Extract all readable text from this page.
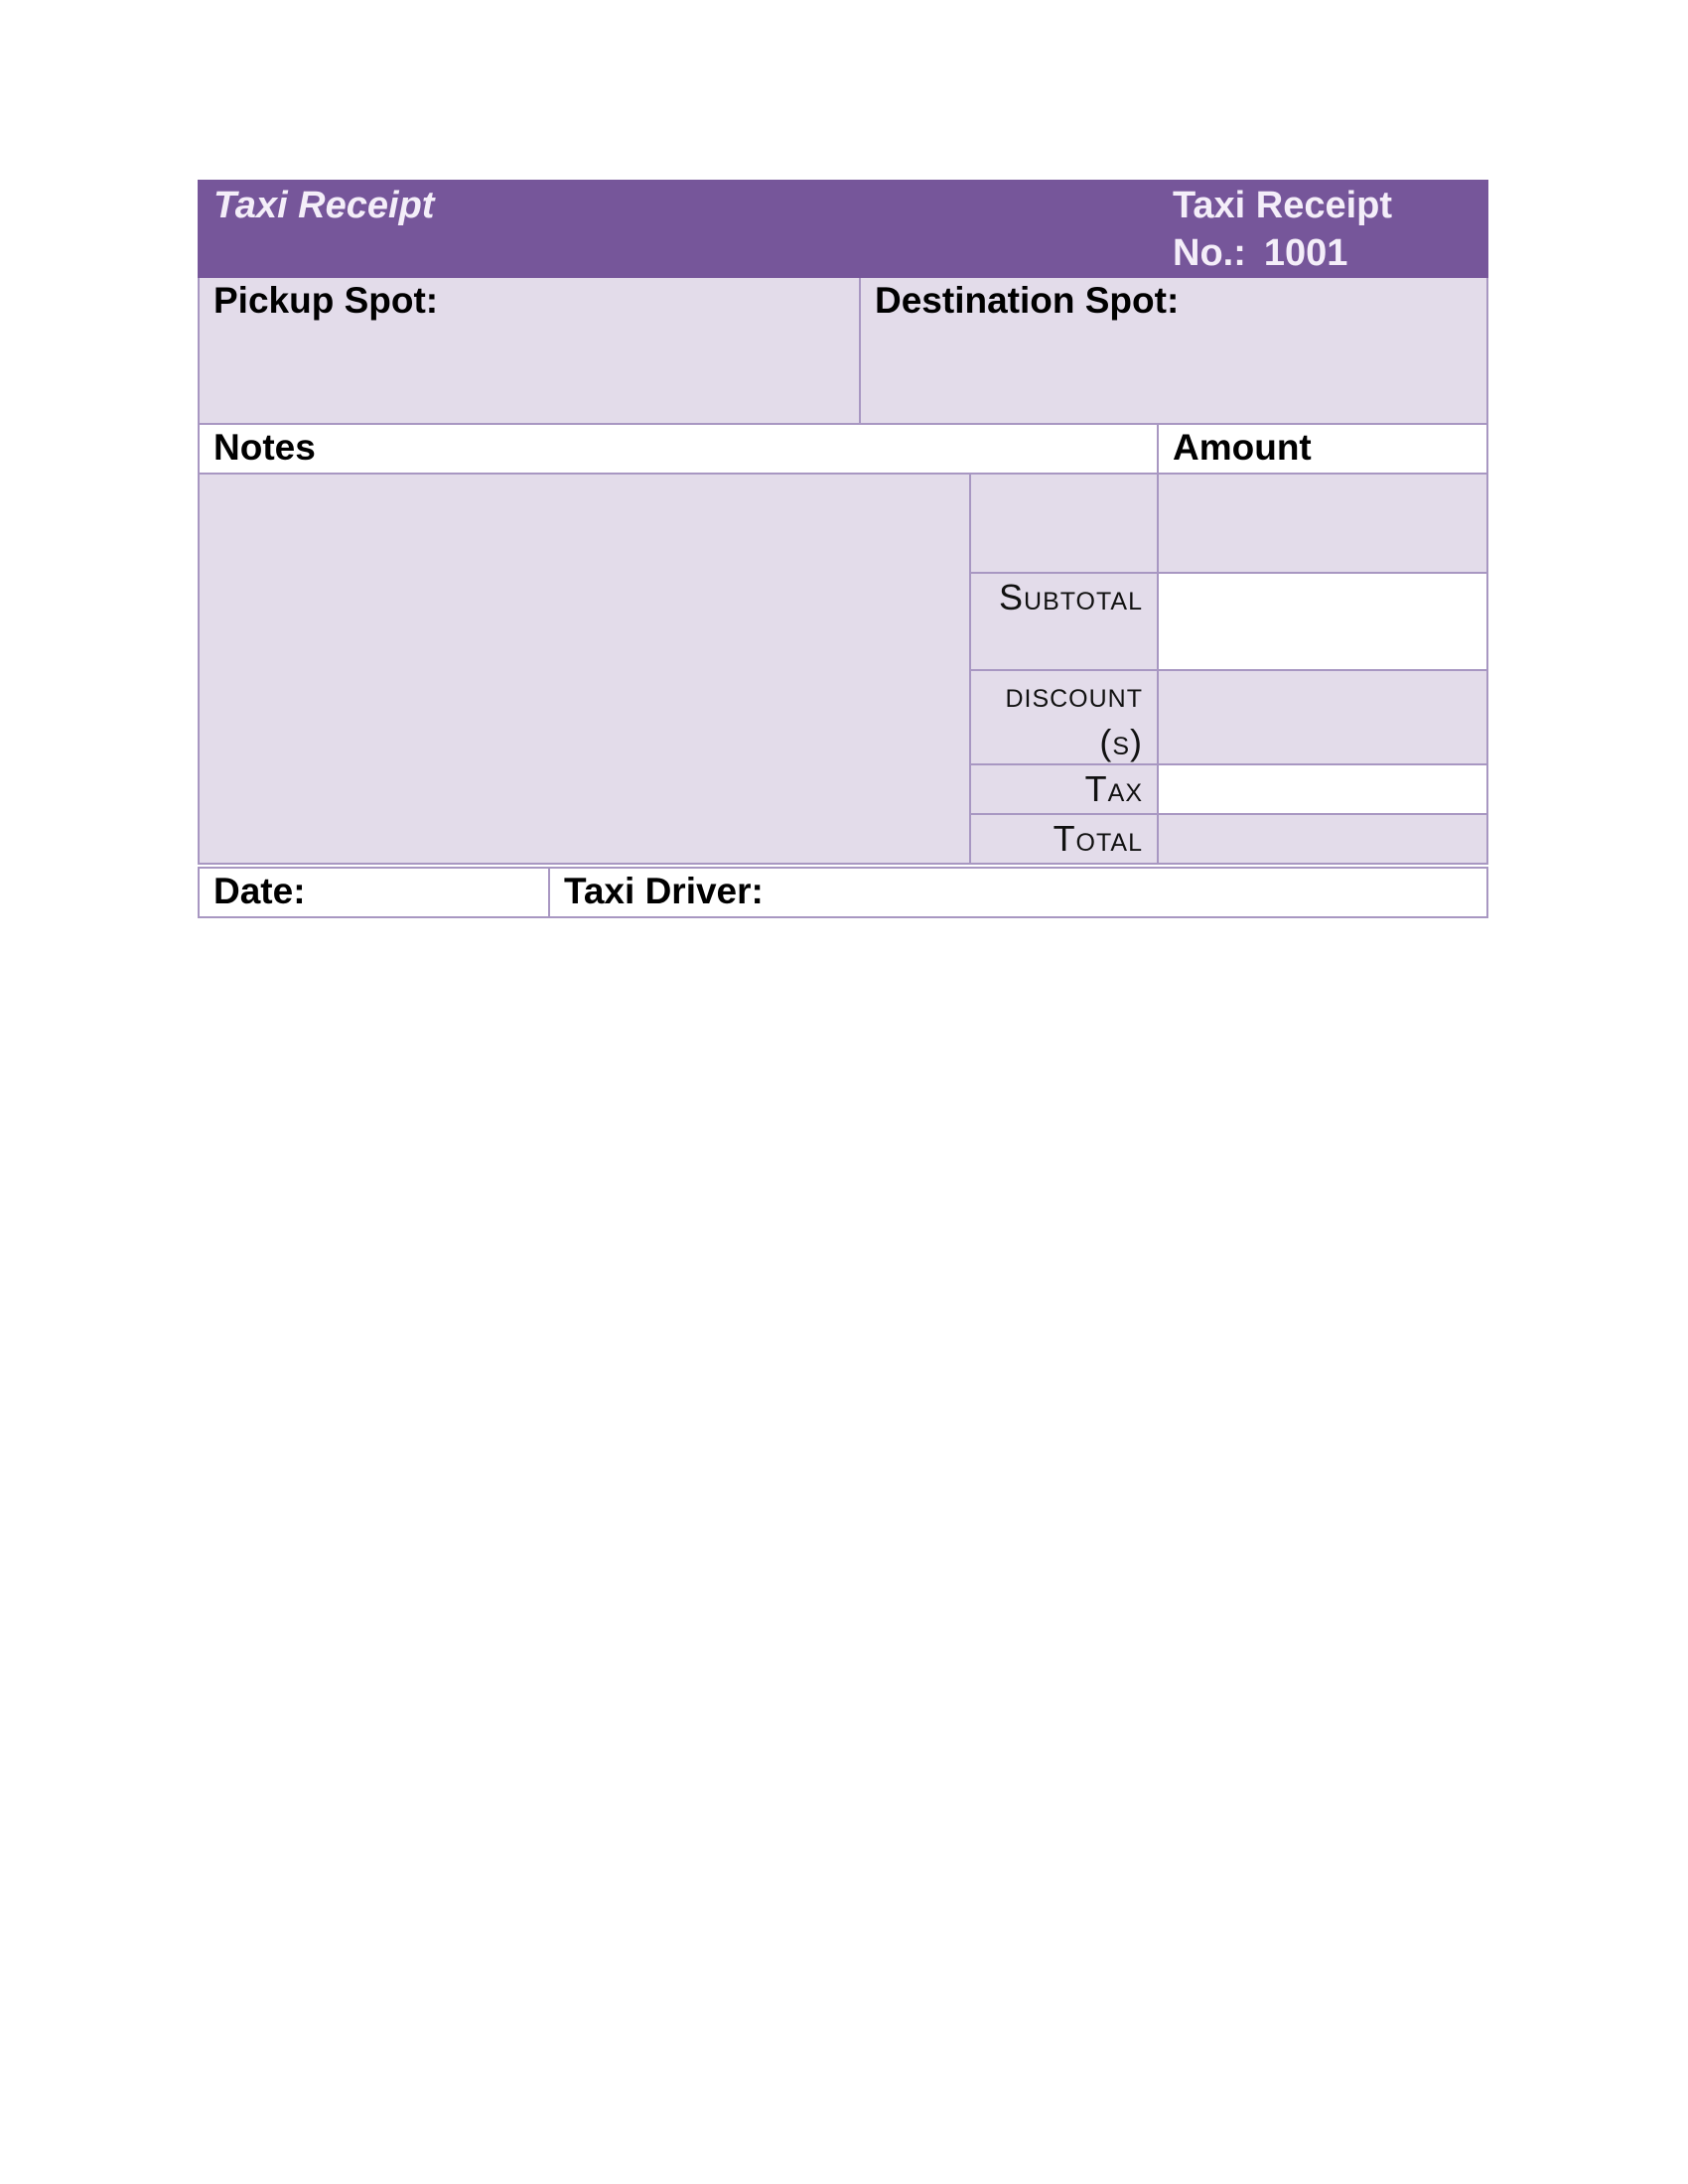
Taxi Receipt	Taxi Receipt
No.: 1001
Pickup Spot:	Destination Spot:
Notes	Amount
Subtotal
discount(s)
Tax
Total
Date:	Taxi Driver:
